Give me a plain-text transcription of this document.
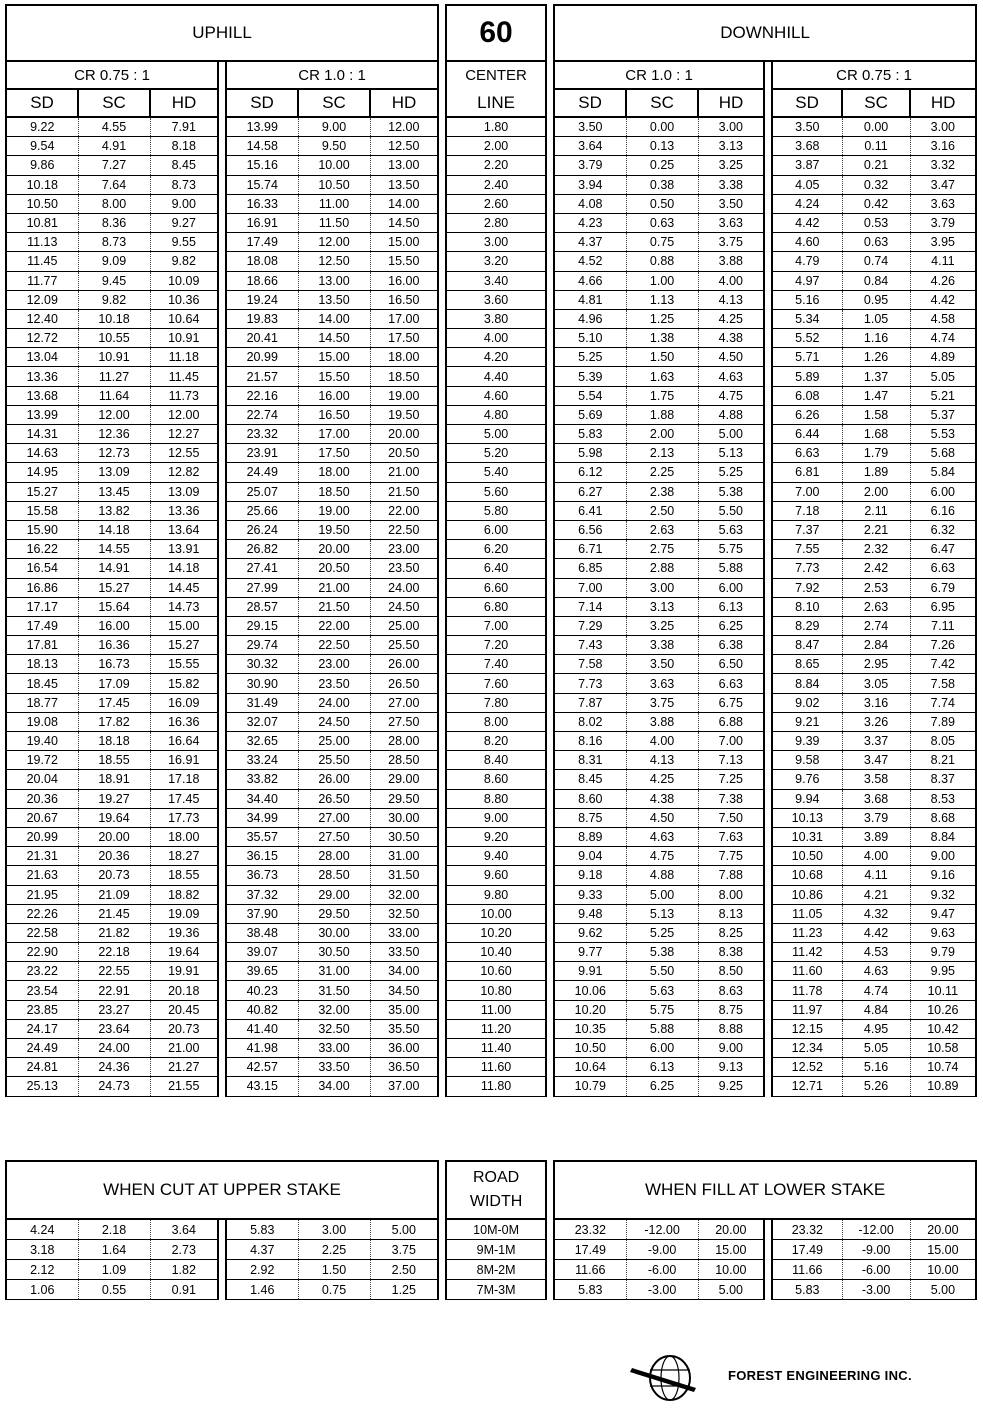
UPHILL								60		DOWNHILL						
CR 0.75 : 1				CR 1.0 : 1				CENTER		CR 1.0 : 1				CR 0.75 : 1		
SD	SC	HD		SD	SC	HD		LINE		SD	SC	HD		SD	SC	HD
9.22	4.55	7.91		13.99	9.00	12.00		1.80		3.50	0.00	3.00		3.50	0.00	3.00
9.54	4.91	8.18		14.58	9.50	12.50		2.00		3.64	0.13	3.13		3.68	0.11	3.16
9.86	7.27	8.45		15.16	10.00	13.00		2.20		3.79	0.25	3.25		3.87	0.21	3.32
10.18	7.64	8.73		15.74	10.50	13.50		2.40		3.94	0.38	3.38		4.05	0.32	3.47
10.50	8.00	9.00		16.33	11.00	14.00		2.60		4.08	0.50	3.50		4.24	0.42	3.63
10.81	8.36	9.27		16.91	11.50	14.50		2.80		4.23	0.63	3.63		4.42	0.53	3.79
11.13	8.73	9.55		17.49	12.00	15.00		3.00		4.37	0.75	3.75		4.60	0.63	3.95
11.45	9.09	9.82		18.08	12.50	15.50		3.20		4.52	0.88	3.88		4.79	0.74	4.11
11.77	9.45	10.09		18.66	13.00	16.00		3.40		4.66	1.00	4.00		4.97	0.84	4.26
12.09	9.82	10.36		19.24	13.50	16.50		3.60		4.81	1.13	4.13		5.16	0.95	4.42
12.40	10.18	10.64		19.83	14.00	17.00		3.80		4.96	1.25	4.25		5.34	1.05	4.58
12.72	10.55	10.91		20.41	14.50	17.50		4.00		5.10	1.38	4.38		5.52	1.16	4.74
13.04	10.91	11.18		20.99	15.00	18.00		4.20		5.25	1.50	4.50		5.71	1.26	4.89
13.36	11.27	11.45		21.57	15.50	18.50		4.40		5.39	1.63	4.63		5.89	1.37	5.05
13.68	11.64	11.73		22.16	16.00	19.00		4.60		5.54	1.75	4.75		6.08	1.47	5.21
13.99	12.00	12.00		22.74	16.50	19.50		4.80		5.69	1.88	4.88		6.26	1.58	5.37
14.31	12.36	12.27		23.32	17.00	20.00		5.00		5.83	2.00	5.00		6.44	1.68	5.53
14.63	12.73	12.55		23.91	17.50	20.50		5.20		5.98	2.13	5.13		6.63	1.79	5.68
14.95	13.09	12.82		24.49	18.00	21.00		5.40		6.12	2.25	5.25		6.81	1.89	5.84
15.27	13.45	13.09		25.07	18.50	21.50		5.60		6.27	2.38	5.38		7.00	2.00	6.00
15.58	13.82	13.36		25.66	19.00	22.00		5.80		6.41	2.50	5.50		7.18	2.11	6.16
15.90	14.18	13.64		26.24	19.50	22.50		6.00		6.56	2.63	5.63		7.37	2.21	6.32
16.22	14.55	13.91		26.82	20.00	23.00		6.20		6.71	2.75	5.75		7.55	2.32	6.47
16.54	14.91	14.18		27.41	20.50	23.50		6.40		6.85	2.88	5.88		7.73	2.42	6.63
16.86	15.27	14.45		27.99	21.00	24.00		6.60		7.00	3.00	6.00		7.92	2.53	6.79
17.17	15.64	14.73		28.57	21.50	24.50		6.80		7.14	3.13	6.13		8.10	2.63	6.95
17.49	16.00	15.00		29.15	22.00	25.00		7.00		7.29	3.25	6.25		8.29	2.74	7.11
17.81	16.36	15.27		29.74	22.50	25.50		7.20		7.43	3.38	6.38		8.47	2.84	7.26
18.13	16.73	15.55		30.32	23.00	26.00		7.40		7.58	3.50	6.50		8.65	2.95	7.42
18.45	17.09	15.82		30.90	23.50	26.50		7.60		7.73	3.63	6.63		8.84	3.05	7.58
18.77	17.45	16.09		31.49	24.00	27.00		7.80		7.87	3.75	6.75		9.02	3.16	7.74
19.08	17.82	16.36		32.07	24.50	27.50		8.00		8.02	3.88	6.88		9.21	3.26	7.89
19.40	18.18	16.64		32.65	25.00	28.00		8.20		8.16	4.00	7.00		9.39	3.37	8.05
19.72	18.55	16.91		33.24	25.50	28.50		8.40		8.31	4.13	7.13		9.58	3.47	8.21
20.04	18.91	17.18		33.82	26.00	29.00		8.60		8.45	4.25	7.25		9.76	3.58	8.37
20.36	19.27	17.45		34.40	26.50	29.50		8.80		8.60	4.38	7.38		9.94	3.68	8.53
20.67	19.64	17.73		34.99	27.00	30.00		9.00		8.75	4.50	7.50		10.13	3.79	8.68
20.99	20.00	18.00		35.57	27.50	30.50		9.20		8.89	4.63	7.63		10.31	3.89	8.84
21.31	20.36	18.27		36.15	28.00	31.00		9.40		9.04	4.75	7.75		10.50	4.00	9.00
21.63	20.73	18.55		36.73	28.50	31.50		9.60		9.18	4.88	7.88		10.68	4.11	9.16
21.95	21.09	18.82		37.32	29.00	32.00		9.80		9.33	5.00	8.00		10.86	4.21	9.32
22.26	21.45	19.09		37.90	29.50	32.50		10.00		9.48	5.13	8.13		11.05	4.32	9.47
22.58	21.82	19.36		38.48	30.00	33.00		10.20		9.62	5.25	8.25		11.23	4.42	9.63
22.90	22.18	19.64		39.07	30.50	33.50		10.40		9.77	5.38	8.38		11.42	4.53	9.79
23.22	22.55	19.91		39.65	31.00	34.00		10.60		9.91	5.50	8.50		11.60	4.63	9.95
23.54	22.91	20.18		40.23	31.50	34.50		10.80		10.06	5.63	8.63		11.78	4.74	10.11
23.85	23.27	20.45		40.82	32.00	35.00		11.00		10.20	5.75	8.75		11.97	4.84	10.26
24.17	23.64	20.73		41.40	32.50	35.50		11.20		10.35	5.88	8.88		12.15	4.95	10.42
24.49	24.00	21.00		41.98	33.00	36.00		11.40		10.50	6.00	9.00		12.34	5.05	10.58
24.81	24.36	21.27		42.57	33.50	36.50		11.60		10.64	6.13	9.13		12.52	5.16	10.74
25.13	24.73	21.55		43.15	34.00	37.00		11.80		10.79	6.25	9.25		12.71	5.26	10.89
WHEN CUT AT UPPER STAKE								ROAD
WIDTH		WHEN FILL AT LOWER STAKE						
4.24	2.18	3.64		5.83	3.00	5.00		10M-0M		23.32	-12.00	20.00		23.32	-12.00	20.00
3.18	1.64	2.73		4.37	2.25	3.75		9M-1M		17.49	-9.00	15.00		17.49	-9.00	15.00
2.12	1.09	1.82		2.92	1.50	2.50		8M-2M		11.66	-6.00	10.00		11.66	-6.00	10.00
1.06	0.55	0.91		1.46	0.75	1.25		7M-3M		5.83	-3.00	5.00		5.83	-3.00	5.00
FOREST ENGINEERING INC.
